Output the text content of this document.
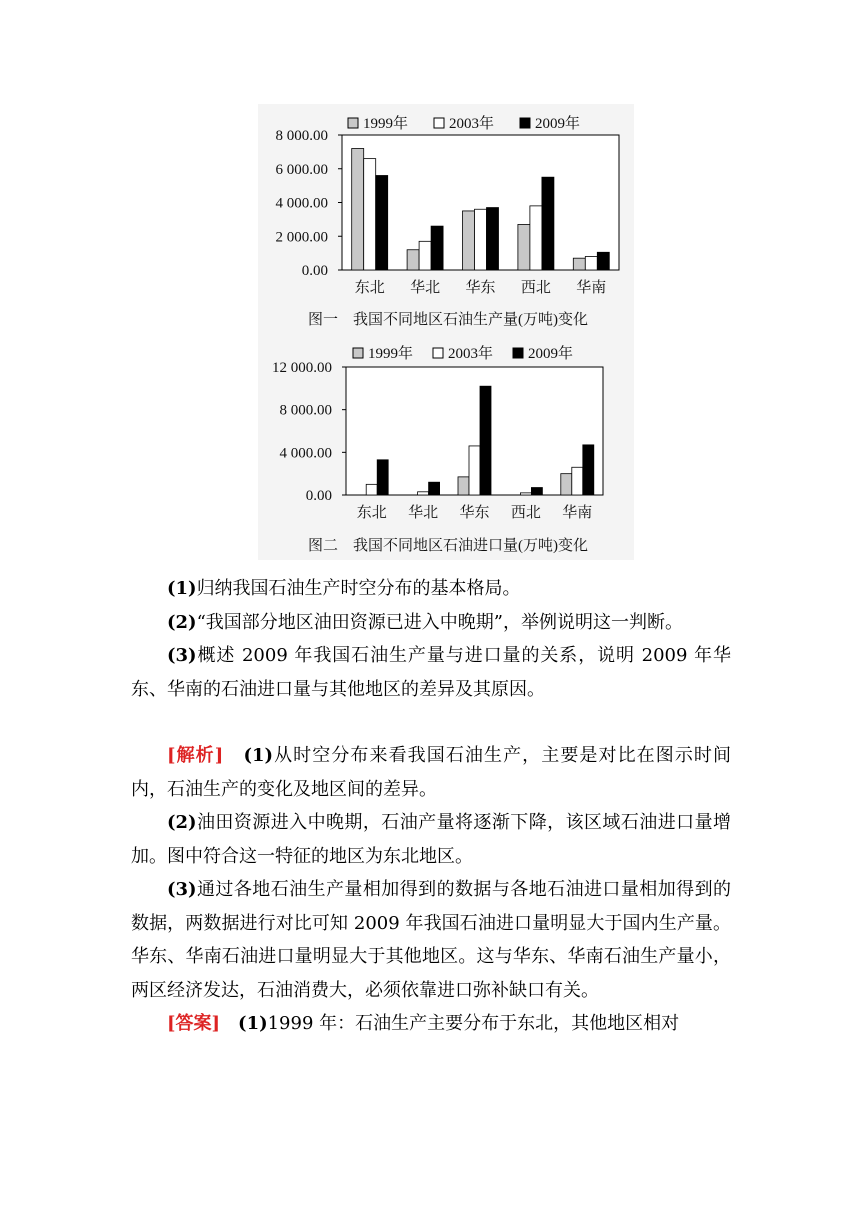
1999年	2003年	2009年
8 000.00
6 000.00
4 000.00
2 000.00
0.00
东北 华北 华东 西北 华南
图一　我国不同地区石油生产量(万吨)变化
1999年 2003年 2009年
12 000.00
8 000.00
4 000.00
0.00
东北 华北 华东 西北 华南
图二　我国不同地区石油进口量(万吨)变化

(1)归纳我国石油生产时空分布的基本格局。

(2)“我国部分地区油田资源已进入中晚期”，举例说明这一判断。

(3)概述 2009 年我国石油生产量与进口量的关系，说明 2009 年华东、华南的石油进口量与其他地区的差异及其原因。

[解析]　 (1)从时空分布来看我国石油生产，主要是对比在图示时间内，石油生产的变化及地区间的差异。

(2)油田资源进入中晚期，石油产量将逐渐下降，该区域石油进口量增加。图中符合这一特征的地区为东北地区。

(3)通过各地石油生产量相加得到的数据与各地石油进口量相加得到的数据，两数据进行对比可知 2009 年我国石油进口量明显大于国内生产量。华东、华南石油进口量明显大于其他地区。这与华东、华南石油生产量小，两区经济发达，石油消费大，必须依靠进口弥补缺口有关。

[答案]　 (1)1999 年：石油生产主要分布于东北，其他地区相对
